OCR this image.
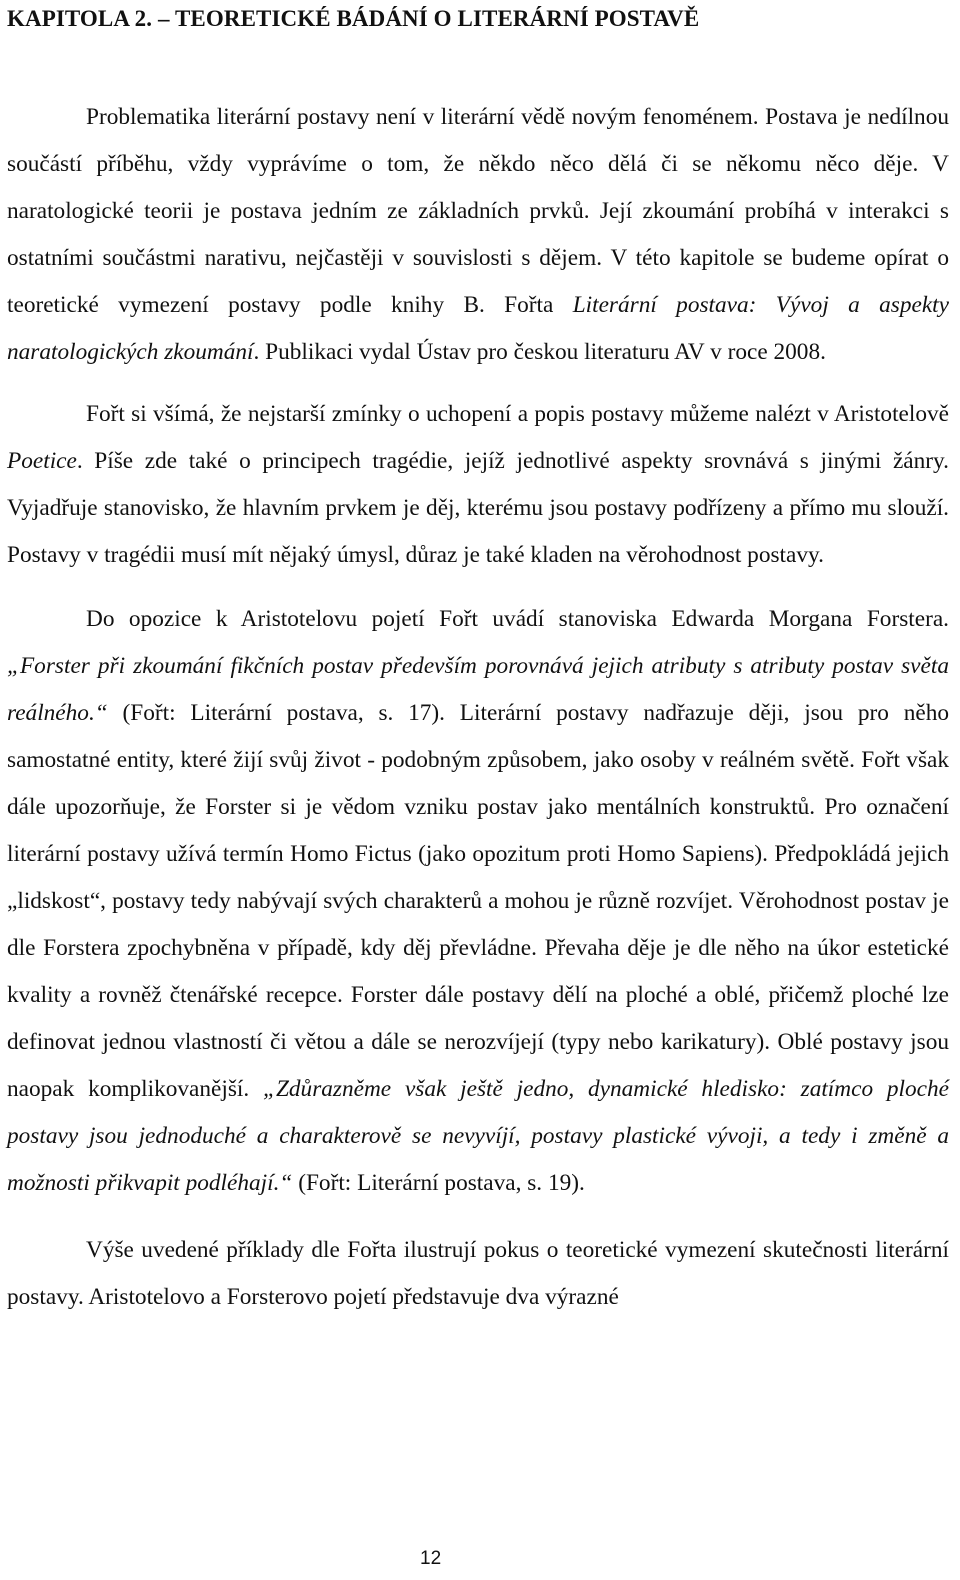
KAPITOLA 2. – TEORETICKÉ BÁDÁNÍ O LITERÁRNÍ POSTAVĚ

Problematika literární postavy není v literární vědě novým fenoménem. Postava je nedílnou součástí příběhu, vždy vyprávíme o tom, že někdo něco dělá či se někomu něco děje. V naratologické teorii je postava jedním ze základních prvků. Její zkoumání probíhá v interakci s ostatními součástmi narativu, nejčastěji v souvislosti s dějem. V této kapitole se budeme opírat o teoretické vymezení postavy podle knihy B. Fořta Literární postava: Vývoj a aspekty naratologických zkoumání. Publikaci vydal Ústav pro českou literaturu AV v roce 2008.

Fořt si všímá, že nejstarší zmínky o uchopení a popis postavy můžeme nalézt v Aristotelově Poetice. Píše zde také o principech tragédie, jejíž jednotlivé aspekty srovnává s jinými žánry. Vyjadřuje stanovisko, že hlavním prvkem je děj, kterému jsou postavy podřízeny a přímo mu slouží. Postavy v tragédii musí mít nějaký úmysl, důraz je také kladen na věrohodnost postavy.

Do opozice k Aristotelovu pojetí Fořt uvádí stanoviska Edwarda Morgana Forstera. „Forster při zkoumání fikčních postav především porovnává jejich atributy s atributy postav světa reálného.“ (Fořt: Literární postava, s. 17). Literární postavy nadřazuje ději, jsou pro něho samostatné entity, které žijí svůj život - podobným způsobem, jako osoby v reálném světě. Fořt však dále upozorňuje, že Forster si je vědom vzniku postav jako mentálních konstruktů. Pro označení literární postavy užívá termín Homo Fictus (jako opozitum proti Homo Sapiens). Předpokládá jejich „lidskost“, postavy tedy nabývají svých charakterů a mohou je různě rozvíjet. Věrohodnost postav je dle Forstera zpochybněna v případě, kdy děj převládne. Převaha děje je dle něho na úkor estetické kvality a rovněž čtenářské recepce. Forster dále postavy dělí na ploché a oblé, přičemž ploché lze definovat jednou vlastností či větou a dále se nerozvíjejí (typy nebo karikatury). Oblé postavy jsou naopak komplikovanější. „Zdůrazněme však ještě jedno, dynamické hledisko: zatímco ploché postavy jsou jednoduché a charakterově se nevyvíjí, postavy plastické vývoji, a tedy i změně a možnosti přikvapit podléhají.“ (Fořt: Literární postava, s. 19).

Výše uvedené příklady dle Fořta ilustrují pokus o teoretické vymezení skutečnosti literární postavy. Aristotelovo a Forsterovo pojetí představuje dva výrazné

12
